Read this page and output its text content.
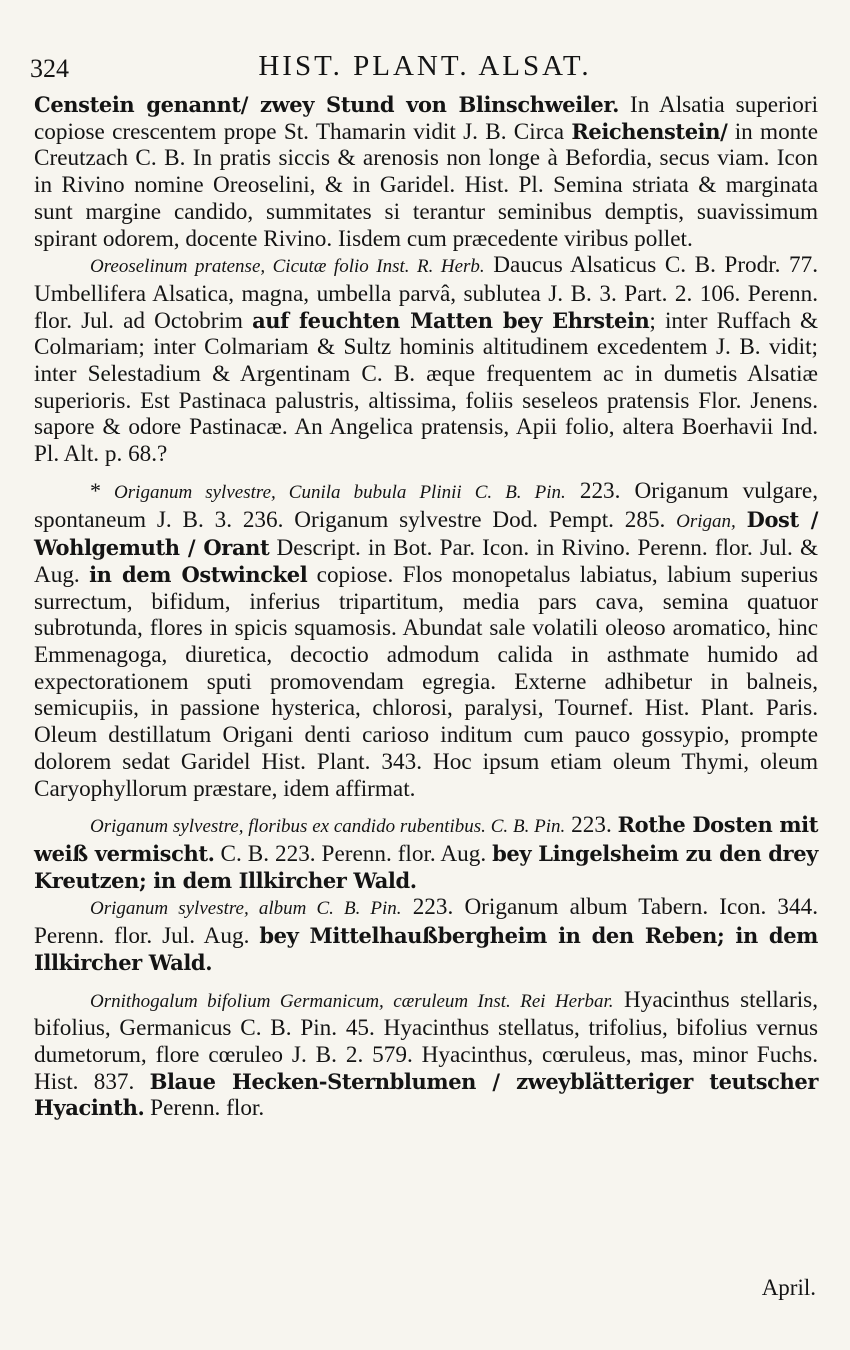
324	HIST. PLANT. ALSAT.

Censtein genannt/ zwey Stund von Blinschweiler. In Alsatia superiori copiose crescentem prope St. Thamarin vidit J. B. Circa Reichenstein/ in monte Creutzach C. B. In pratis siccis & arenosis non longe à Befordia, secus viam. Icon in Rivino nomine Oreoselini, & in Garidel. Hist. Pl. Semina striata & marginata sunt margine candido, summitates si terantur seminibus demptis, suavissimum spirant odorem, docente Rivino. Iisdem cum præcedente viribus pollet.

Oreoselinum pratense, Cicutæ folio Inst. R. Herb. Daucus Alsaticus C. B. Prodr. 77. Umbellifera Alsatica, magna, umbella parvâ, sublutea J. B. 3. Part. 2. 106. Perenn. flor. Jul. ad Octobrim auf feuchten Matten bey Ehrstein; inter Ruffach & Colmariam; inter Colmariam & Sultz hominis altitudinem excedentem J. B. vidit; inter Selestadium & Argentinam C. B. æque frequentem ac in dumetis Alsatiæ superioris. Est Pastinaca palustris, altissima, foliis seseleos pratensis Flor. Jenens. sapore & odore Pastinacæ. An Angelica pratensis, Apii folio, altera Boerhavii Ind. Pl. Alt. p. 68.?

* Origanum sylvestre, Cunila bubula Plinii C. B. Pin. 223. Origanum vulgare, spontaneum J. B. 3. 236. Origanum sylvestre Dod. Pempt. 285. Origan, Dost / Wohlgemuth / Orant Descript. in Bot. Par. Icon. in Rivino. Perenn. flor. Jul. & Aug. in dem Ostwinckel copiose. Flos monopetalus labiatus, labium superius surrectum, bifidum, inferius tripartitum, media pars cava, semina quatuor subrotunda, flores in spicis squamosis. Abundat sale volatili oleoso aromatico, hinc Emmenagoga, diuretica, decoctio admodum calida in asthmate humido ad expectorationem sputi promovendam egregia. Externe adhibetur in balneis, semicupiis, in passione hysterica, chlorosi, paralysi, Tournef. Hist. Plant. Paris. Oleum destillatum Origani denti carioso inditum cum pauco gossypio, prompte dolorem sedat Garidel Hist. Plant. 343. Hoc ipsum etiam oleum Thymi, oleum Caryophyllorum præstare, idem affirmat.

Origanum sylvestre, floribus ex candido rubentibus. C. B. Pin. 223. Rothe Dosten mit weiß vermischt. C. B. 223. Perenn. flor. Aug. bey Lingelsheim zu den drey Kreutzen; in dem Illkircher Wald.

Origanum sylvestre, album C. B. Pin. 223. Origanum album Tabern. Icon. 344. Perenn. flor. Jul. Aug. bey Mittelhaußbergheim in den Reben; in dem Illkircher Wald.

Ornithogalum bifolium Germanicum, cæruleum Inst. Rei Herbar. Hyacinthus stellaris, bifolius, Germanicus C. B. Pin. 45. Hyacinthus stellatus, trifolius, bifolius vernus dumetorum, flore cœruleo J. B. 2. 579. Hyacinthus, cœruleus, mas, minor Fuchs. Hist. 837. Blaue Hecken-Sternblumen / zweyblätteriger teutscher Hyacinth. Perenn. flor.

April.
